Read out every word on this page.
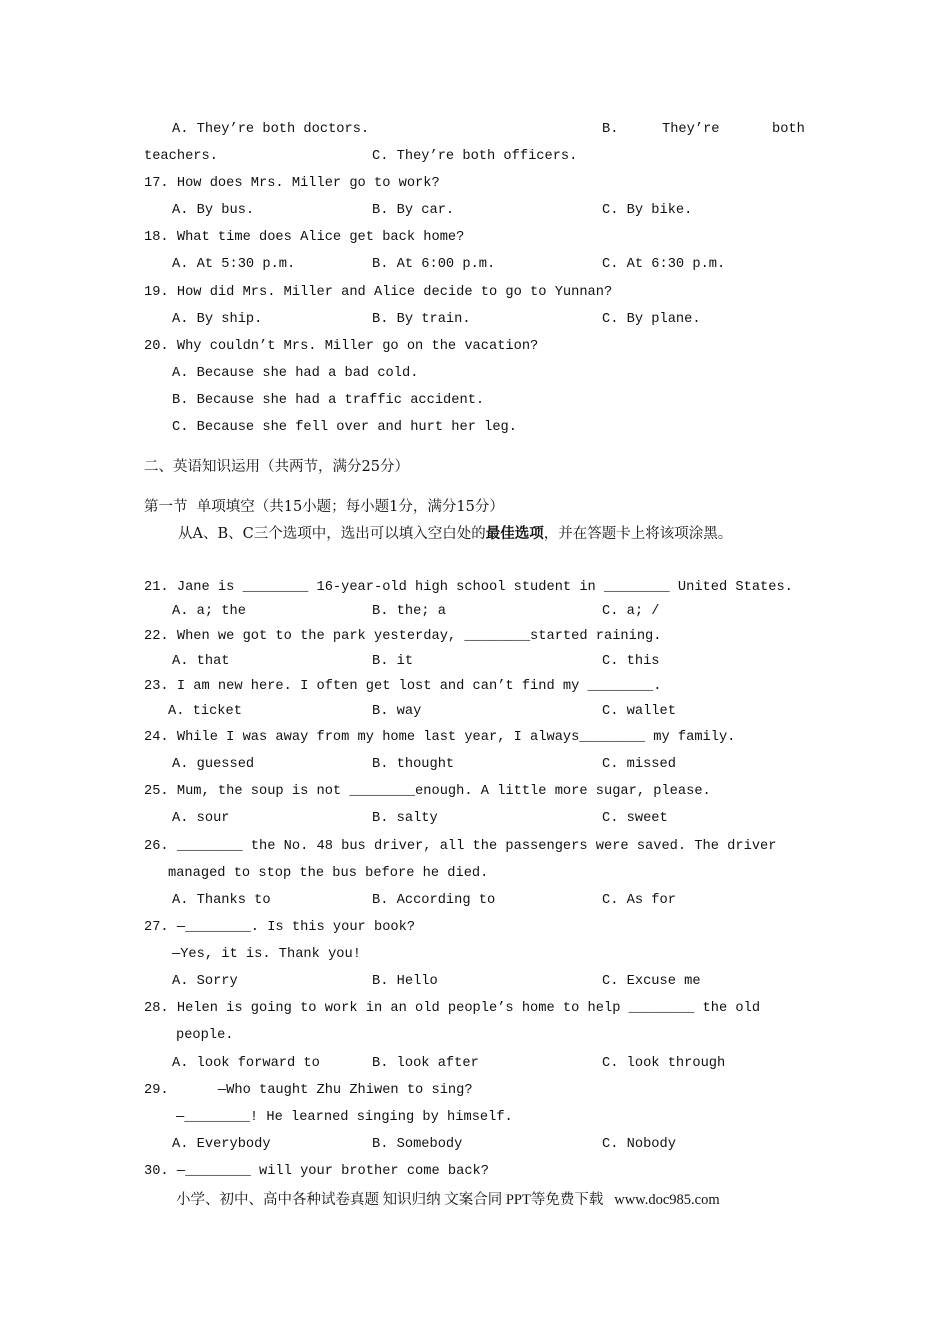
A. They’re both doctors.	B.	They’re	both
teachers.	C. They’re both officers.
17. How does Mrs. Miller go to work?
A. By bus.	B. By car.	C. By bike.
18. What time does Alice get back home?
A. At 5:30 p.m.	B. At 6:00 p.m.	C. At 6:30 p.m.
19. How did Mrs. Miller and Alice decide to go to Yunnan?
A. By ship.	B. By train.	C. By plane.
20. Why couldn’t Mrs. Miller go on the vacation?
A. Because she had a bad cold.
B. Because she had a traffic accident.
C. Because she fell over and hurt her leg.
二、英语知识运用（共两节，满分25分）
第一节  单项填空（共15小题；每小题1分，满分15分）
从A、B、C三个选项中，选出可以填入空白处的最佳选项，并在答题卡上将该项涂黑。
21. Jane is ________ 16-year-old high school student in ________ United States.
A. a; the	B. the; a	C. a; /
22. When we got to the park yesterday, ________started raining.
A. that	B. it	C. this
23. I am new here. I often get lost and can’t find my ________.
A. ticket	B. way	C. wallet
24. While I was away from my home last year, I always________ my family.
A. guessed	B. thought	C. missed
25. Mum, the soup is not ________enough. A little more sugar, please.
A. sour	B. salty	C. sweet
26. ________ the No. 48 bus driver, all the passengers were saved. The driver
managed to stop the bus before he died.
A. Thanks to	B. According to	C. As for
27. —________. Is this your book?
—Yes, it is. Thank you!
A. Sorry	B. Hello	C. Excuse me
28. Helen is going to work in an old people’s home to help ________ the old
people.
A. look forward to	B. look after	C. look through
29.      —Who taught Zhu Zhiwen to sing?
—________! He learned singing by himself.
A. Everybody	B. Somebody	C. Nobody
30. —________ will your brother come back?
小学、初中、高中各种试卷真题 知识归纳 文案合同 PPT等免费下载   www.doc985.com
